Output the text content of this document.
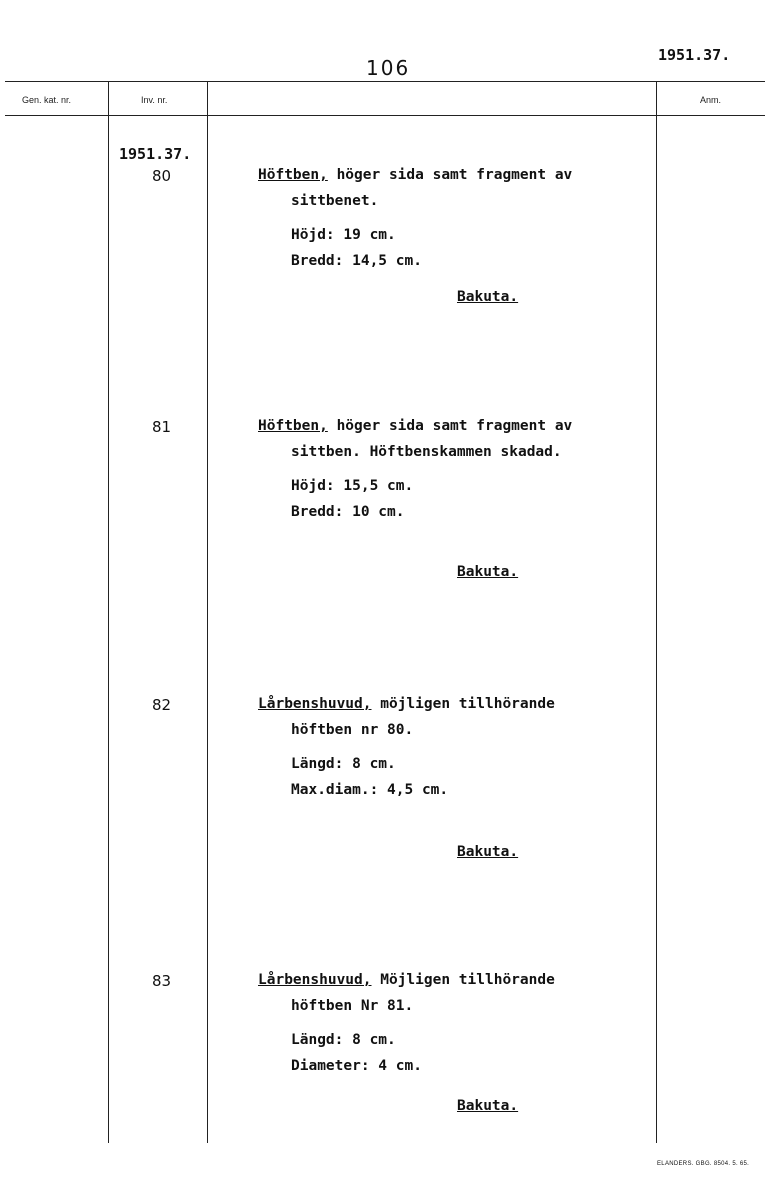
106
1951.37.
Gen. kat. nr.	Inv. nr.	Anm.
1951.37.
80	Höftben, höger sida samt fragment av
sittbenet.
Höjd: 19 cm.
Bredd: 14,5 cm.
Bakuta.
81	Höftben, höger sida samt fragment av
sittben. Höftbenskammen skadad.
Höjd: 15,5 cm.
Bredd: 10 cm.
Bakuta.
82	Lårbenshuvud, möjligen tillhörande
höftben nr 80.
Längd: 8 cm.
Max.diam.: 4,5 cm.
Bakuta.
83	Lårbenshuvud, Möjligen tillhörande
höftben Nr 81.
Längd: 8 cm.
Diameter: 4 cm.
Bakuta.
ELANDERS. GBG. 8504. 5. 65.
